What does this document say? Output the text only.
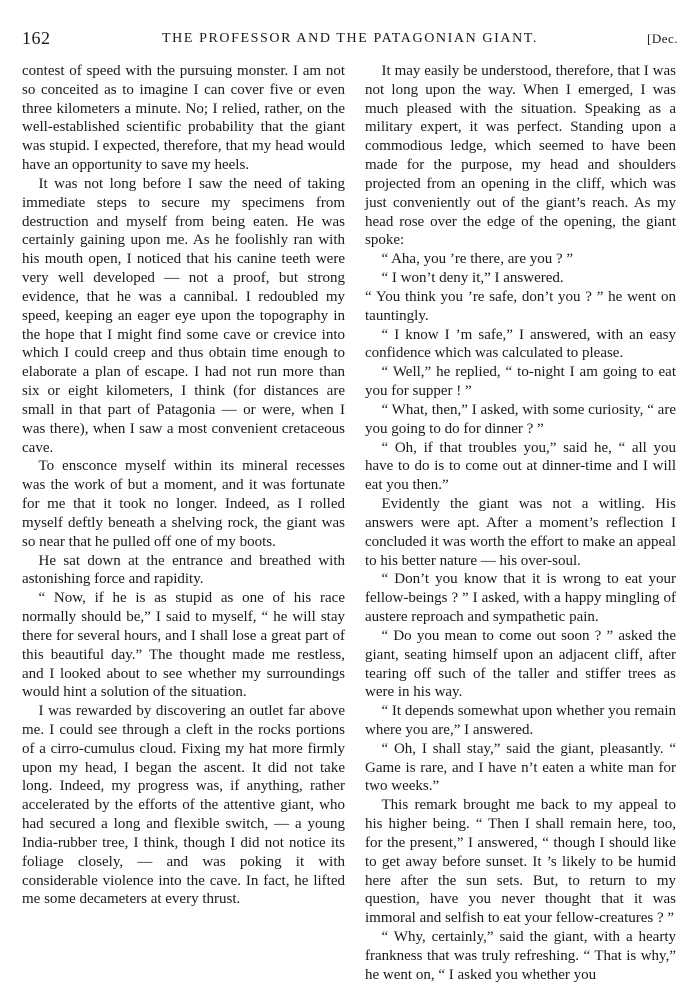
162	THE PROFESSOR AND THE PATAGONIAN GIANT.	[Dec.

contest of speed with the pursuing monster. I am not so conceited as to imagine I can cover five or even three kilometers a minute. No; I relied, rather, on the well-established scientific probability that the giant was stupid. I expected, therefore, that my head would have an opportunity to save my heels.

It was not long before I saw the need of taking immediate steps to secure my specimens from destruction and myself from being eaten. He was certainly gaining upon me. As he foolishly ran with his mouth open, I noticed that his canine teeth were very well developed — not a proof, but strong evidence, that he was a cannibal. I redoubled my speed, keeping an eager eye upon the topography in the hope that I might find some cave or crevice into which I could creep and thus obtain time enough to elaborate a plan of escape. I had not run more than six or eight kilometers, I think (for distances are small in that part of Patagonia — or were, when I was there), when I saw a most convenient cretaceous cave.

To ensconce myself within its mineral recesses was the work of but a moment, and it was fortunate for me that it took no longer. Indeed, as I rolled myself deftly beneath a shelving rock, the giant was so near that he pulled off one of my boots.

He sat down at the entrance and breathed with astonishing force and rapidity.

“ Now, if he is as stupid as one of his race normally should be,” I said to myself, “ he will stay there for several hours, and I shall lose a great part of this beautiful day.” The thought made me restless, and I looked about to see whether my surroundings would hint a solution of the situation.

I was rewarded by discovering an outlet far above me. I could see through a cleft in the rocks portions of a cirro-cumulus cloud. Fixing my hat more firmly upon my head, I began the ascent. It did not take long. Indeed, my progress was, if anything, rather accelerated by the efforts of the attentive giant, who had secured a long and flexible switch, — a young India-rubber tree, I think, though I did not notice its foliage closely, — and was poking it with considerable violence into the cave. In fact, he lifted me some decameters at every thrust.

It may easily be understood, therefore, that I was not long upon the way. When I emerged, I was much pleased with the situation. Speaking as a military expert, it was perfect. Standing upon a commodious ledge, which seemed to have been made for the purpose, my head and shoulders projected from an opening in the cliff, which was just conveniently out of the giant’s reach. As my head rose over the edge of the opening, the giant spoke:

“ Aha, you ’re there, are you ? ”

“ I won’t deny it,” I answered.

“ You think you ’re safe, don’t you ? ” he went on tauntingly.

“ I know I ’m safe,” I answered, with an easy confidence which was calculated to please.

“ Well,” he replied, “ to-night I am going to eat you for supper ! ”

“ What, then,” I asked, with some curiosity, “ are you going to do for dinner ? ”

“ Oh, if that troubles you,” said he, “ all you have to do is to come out at dinner-time and I will eat you then.”

Evidently the giant was not a witling. His answers were apt. After a moment’s reflection I concluded it was worth the effort to make an appeal to his better nature — his over-soul.

“ Don’t you know that it is wrong to eat your fellow-beings ? ” I asked, with a happy mingling of austere reproach and sympathetic pain.

“ Do you mean to come out soon ? ” asked the giant, seating himself upon an adjacent cliff, after tearing off such of the taller and stiffer trees as were in his way.

“ It depends somewhat upon whether you remain where you are,” I answered.

“ Oh, I shall stay,” said the giant, pleasantly. “ Game is rare, and I have n’t eaten a white man for two weeks.”

This remark brought me back to my appeal to his higher being. “ Then I shall remain here, too, for the present,” I answered, “ though I should like to get away before sunset. It ’s likely to be humid here after the sun sets. But, to return to my question, have you never thought that it was immoral and selfish to eat your fellow-creatures ? ”

“ Why, certainly,” said the giant, with a hearty frankness that was truly refreshing. “ That is why,” he went on, “ I asked you whether you
